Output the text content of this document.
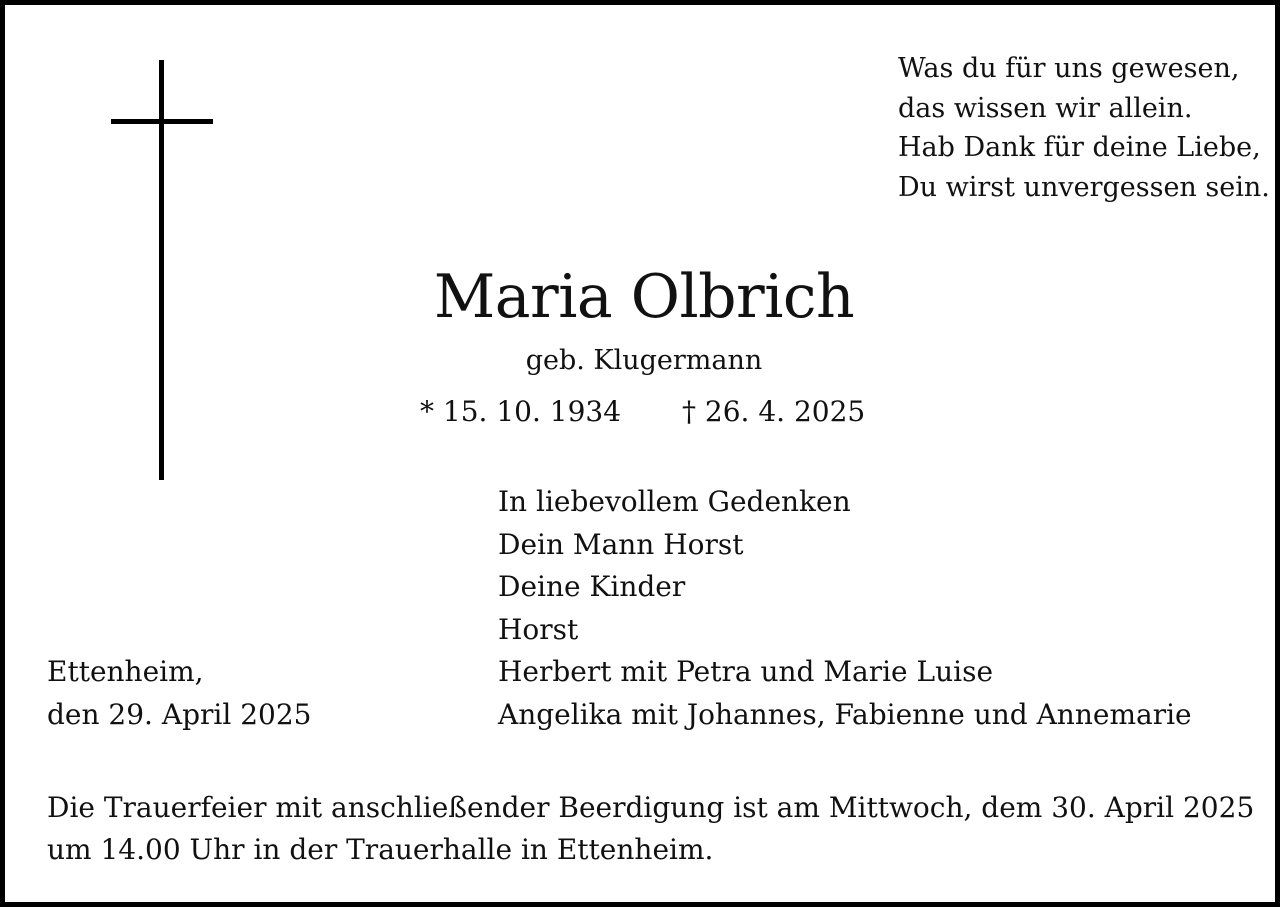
Was du für uns gewesen,
das wissen wir allein.
Hab Dank für deine Liebe,
Du wirst unvergessen sein.
Maria Olbrich
geb. Klugermann
* 15. 10. 1934 † 26. 4. 2025
In liebevollem Gedenken
Dein Mann Horst
Deine Kinder
Horst
Herbert mit Petra und Marie Luise
Angelika mit Johannes, Fabienne und Annemarie
Ettenheim,
den 29. April 2025
Die Trauerfeier mit anschließender Beerdigung ist am Mittwoch, dem 30. April 2025
um 14.00 Uhr in der Trauerhalle in Ettenheim.
